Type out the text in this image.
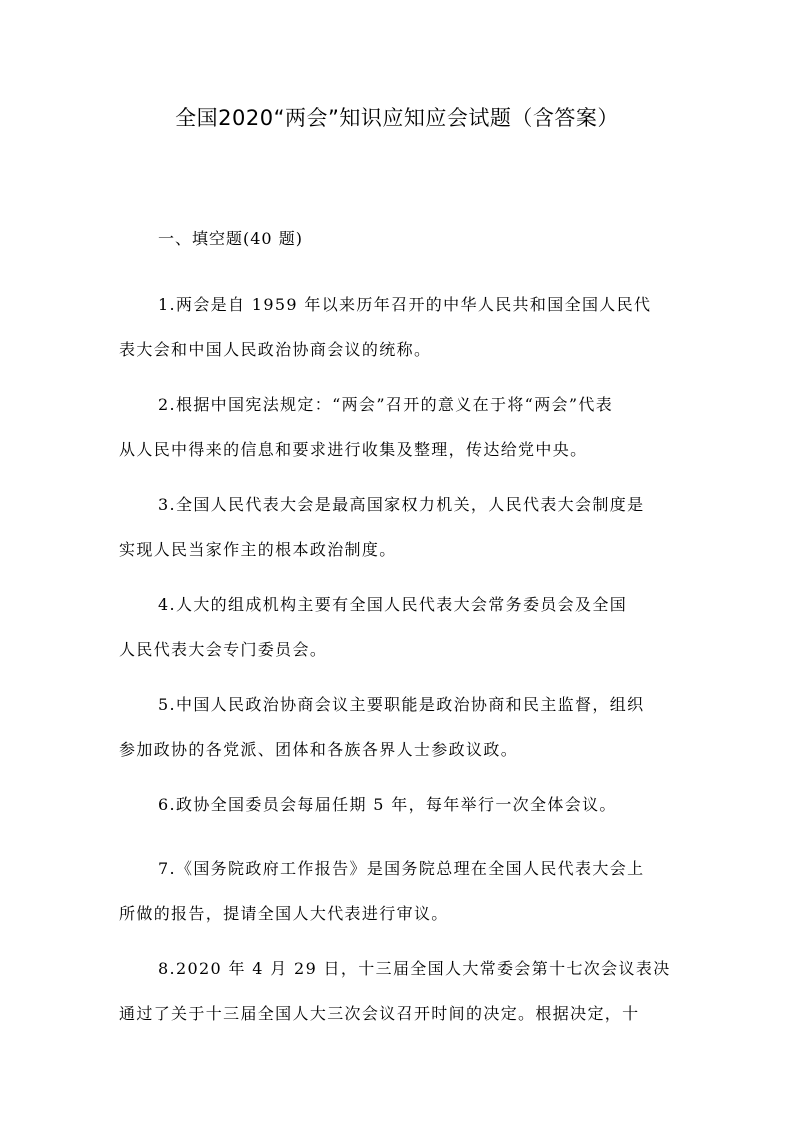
全国2020“两会”知识应知应会试题（含答案）
一、填空题(40 题)

1.两会是自 1959 年以来历年召开的中华人民共和国全国人民代
表大会和中国人民政治协商会议的统称。

2.根据中国宪法规定：“两会”召开的意义在于将“两会”代表
从人民中得来的信息和要求进行收集及整理，传达给党中央。

3.全国人民代表大会是最高国家权力机关，人民代表大会制度是
实现人民当家作主的根本政治制度。

4.人大的组成机构主要有全国人民代表大会常务委员会及全国
人民代表大会专门委员会。

5.中国人民政治协商会议主要职能是政治协商和民主监督，组织
参加政协的各党派、团体和各族各界人士参政议政。

6.政协全国委员会每届任期 5 年，每年举行一次全体会议。

7.《国务院政府工作报告》是国务院总理在全国人民代表大会上
所做的报告，提请全国人大代表进行审议。

8.2020 年 4 月 29 日，十三届全国人大常委会第十七次会议表决
通过了关于十三届全国人大三次会议召开时间的决定。根据决定，十
